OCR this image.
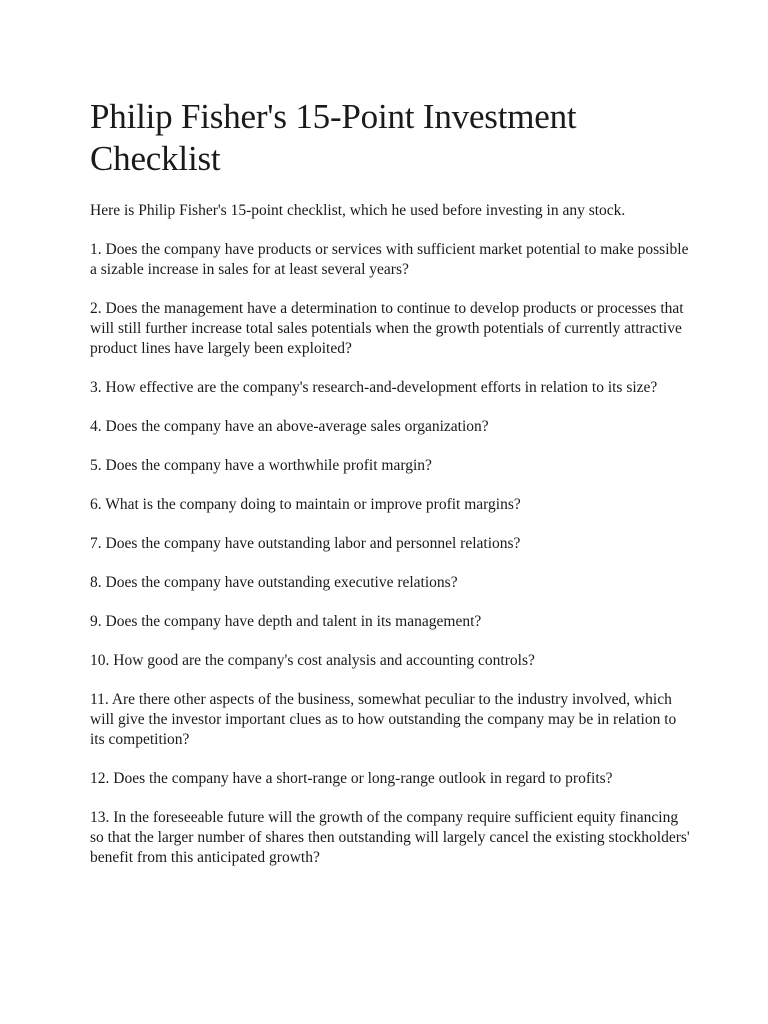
Philip Fisher's 15-Point Investment Checklist

Here is Philip Fisher's 15-point checklist, which he used before investing in any stock.

1. Does the company have products or services with sufficient market potential to make possible a sizable increase in sales for at least several years?

2. Does the management have a determination to continue to develop products or processes that will still further increase total sales potentials when the growth potentials of currently attractive product lines have largely been exploited?

3. How effective are the company's research-and-development efforts in relation to its size?

4. Does the company have an above-average sales organization?

5. Does the company have a worthwhile profit margin?

6. What is the company doing to maintain or improve profit margins?

7. Does the company have outstanding labor and personnel relations?

8. Does the company have outstanding executive relations?

9. Does the company have depth and talent in its management?

10. How good are the company's cost analysis and accounting controls?

11. Are there other aspects of the business, somewhat peculiar to the industry involved, which will give the investor important clues as to how outstanding the company may be in relation to its competition?

12. Does the company have a short-range or long-range outlook in regard to profits?

13. In the foreseeable future will the growth of the company require sufficient equity financing so that the larger number of shares then outstanding will largely cancel the existing stockholders' benefit from this anticipated growth?
